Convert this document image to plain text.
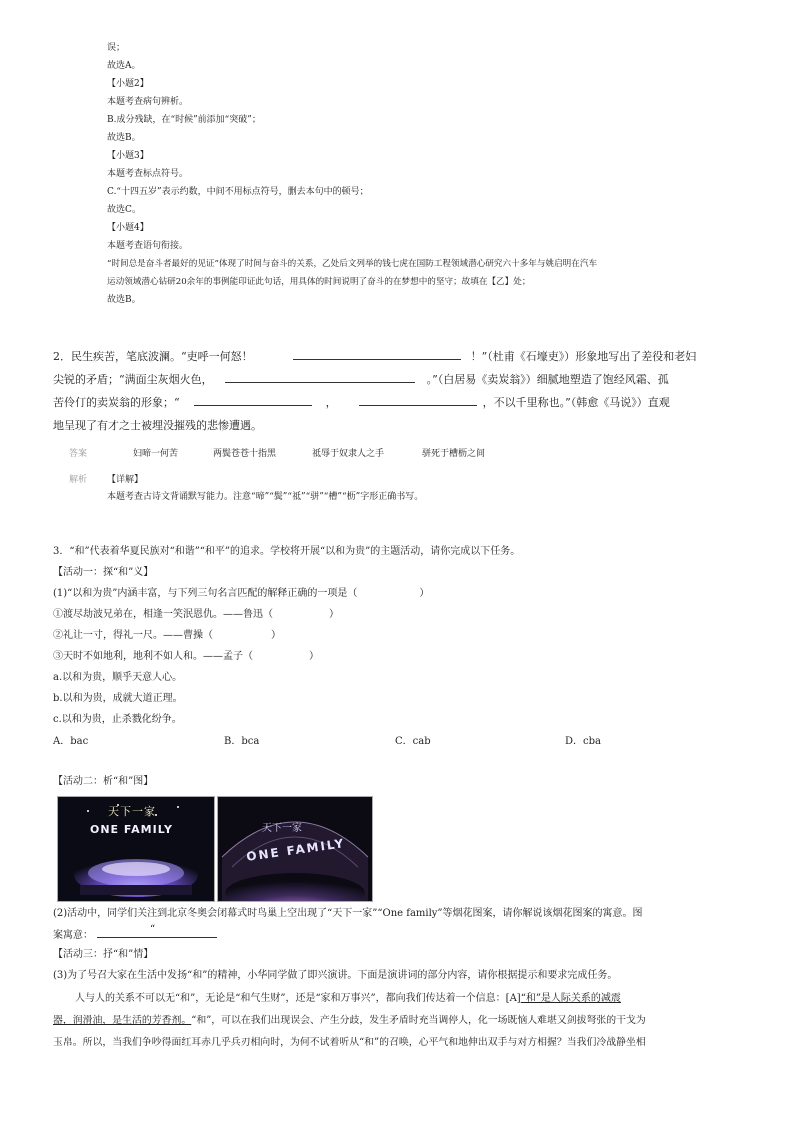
误；
故选A。
【小题2】
本题考查病句辨析。
B.成分残缺，在“时候”前添加“突破”；
故选B。
【小题3】
本题考查标点符号。
C.“十四五岁”表示约数，中间不用标点符号，删去本句中的顿号；
故选C。
【小题4】
本题考查语句衔接。
“时间总是奋斗者最好的见证”体现了时间与奋斗的关系，乙处后文列举的钱七虎在国防工程领域潜心研究六十多年与姚启明在汽车
运动领域潜心钻研20余年的事例能印证此句话，用具体的时间说明了奋斗的在梦想中的坚守；故填在【乙】处；
故选B。
2．民生疾苦，笔底波澜。“吏呼一何怒！	！”（杜甫《石壕吏》）形象地写出了差役和老妇
尖锐的矛盾；“满面尘灰烟火色，	。”（白居易《卖炭翁》）细腻地塑造了饱经风霜、孤
苦伶仃的卖炭翁的形象；“	，	，不以千里称也。”（韩愈《马说》）直观
地呈现了有才之士被埋没摧残的悲惨遭遇。
答案	妇啼一何苦	两鬓苍苍十指黑	祗辱于奴隶人之手	骈死于槽枥之间
解析 【详解】
本题考查古诗文背诵默写能力。注意“啼”“鬓”“祗”“骈”“槽”“枥”字形正确书写。
3．“和”代表着华夏民族对“和谐”“和平”的追求。学校将开展“以和为贵”的主题活动，请你完成以下任务。
【活动一：探“和”义】
(1)“以和为贵”内涵丰富，与下列三句名言匹配的解释正确的一项是（	）
①渡尽劫波兄弟在，相逢一笑泯恩仇。——鲁迅（	）
②礼让一寸，得礼一尺。——曹操（	）
③天时不如地利，地利不如人和。——孟子（	）
a.以和为贵，顺乎天意人心。
b.以和为贵，成就大道正理。
c.以和为贵，止杀戮化纷争。
A．bac	B．bca	C．cab	D．cba
【活动二：析“和”图】
天下一家
ONE FAMILY	天下一家
ONE FAMILY
(2)活动中，同学们关注到北京冬奥会闭幕式时鸟巢上空出现了“天下一家”“One family”等烟花图案，请你解说该烟花图案的寓意。图
案寓意：
“
【活动三：抒“和”情】
(3)为了号召大家在生活中发扬“和”的精神，小华同学做了即兴演讲。下面是演讲词的部分内容，请你根据提示和要求完成任务。
人与人的关系不可以无“和”，无论是“和气生财”，还是“家和万事兴”，都向我们传达着一个信息：[A]“和”是人际关系的减震
器，润滑油，是生活的芳香剂。“和”，可以在我们出现误会、产生分歧，发生矛盾时充当调停人，化一场既恼人难堪又剑拔弩张的干戈为
玉帛。所以，当我们争吵得面红耳赤几乎兵刃相向时，为何不试着听从“和”的召唤，心平气和地伸出双手与对方相握？当我们冷战静坐相
